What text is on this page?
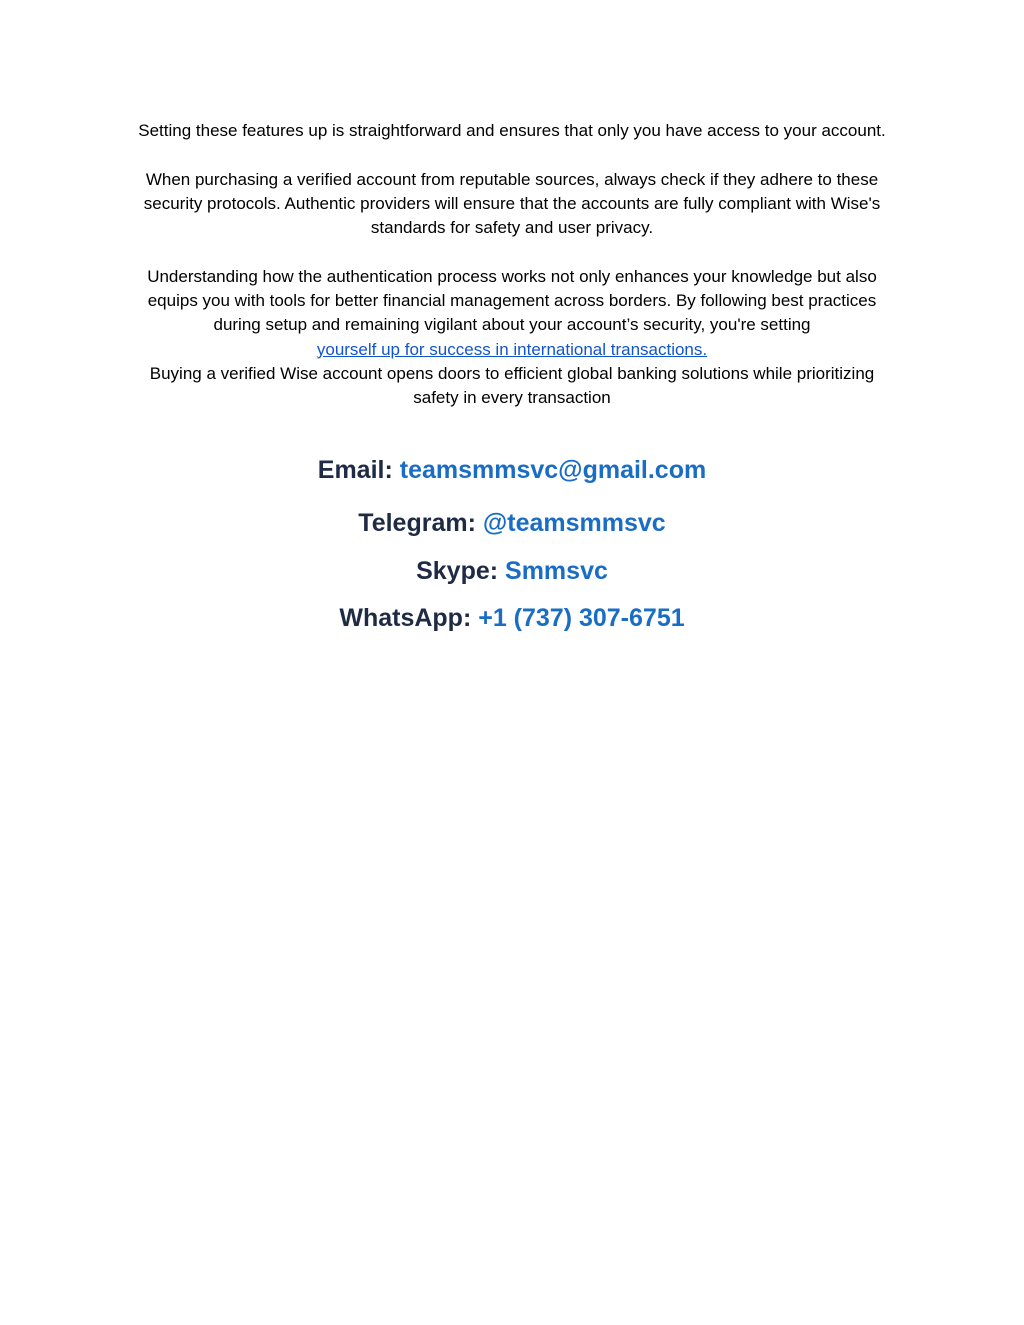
Setting these features up is straightforward and ensures that only you have access to your account.

When purchasing a verified account from reputable sources, always check if they adhere to these security protocols. Authentic providers will ensure that the accounts are fully compliant with Wise's standards for safety and user privacy.

Understanding how the authentication process works not only enhances your knowledge but also equips you with tools for better financial management across borders. By following best practices during setup and remaining vigilant about your account’s security, you're setting
yourself up for success in international transactions.
Buying a verified Wise account opens doors to efficient global banking solutions while prioritizing safety in every transaction

Email: teamsmmsvc@gmail.com
Telegram: @teamsmmsvc
Skype: Smmsvc
WhatsApp: +1 (737) 307‑6751
